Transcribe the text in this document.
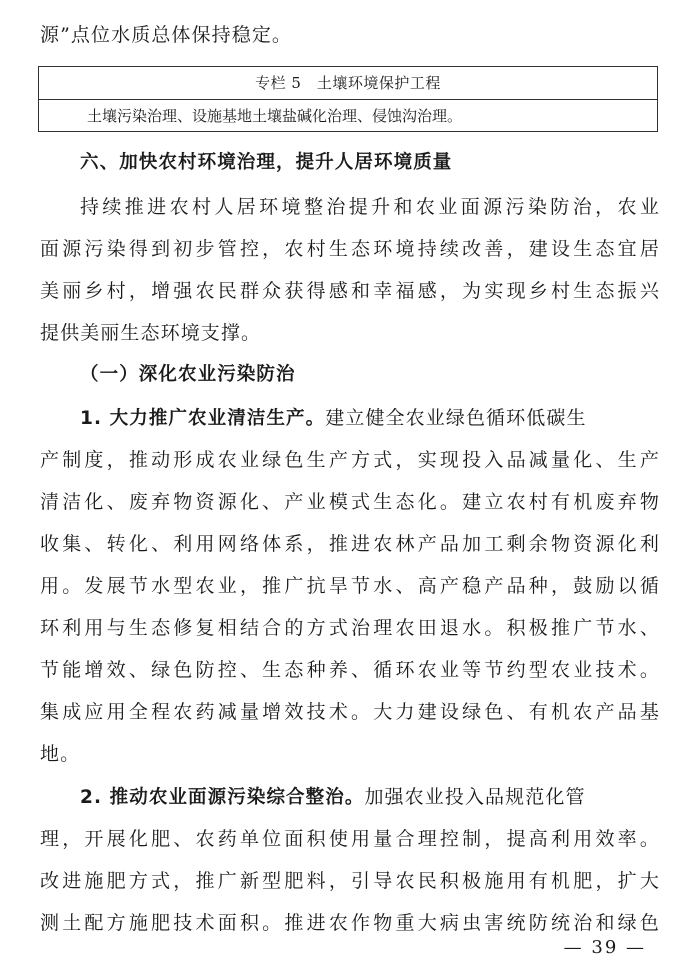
源”点位水质总体保持稳定。
专栏 5　土壤环境保护工程
土壤污染治理、设施基地土壤盐碱化治理、侵蚀沟治理。
六、加快农村环境治理，提升人居环境质量
持续推进农村人居环境整治提升和农业面源污染防治，农业
面源污染得到初步管控，农村生态环境持续改善，建设生态宜居
美丽乡村，增强农民群众获得感和幸福感，为实现乡村生态振兴
提供美丽生态环境支撑。
（一）深化农业污染防治
1. 大力推广农业清洁生产。建立健全农业绿色循环低碳生
产制度，推动形成农业绿色生产方式，实现投入品减量化、生产
清洁化、废弃物资源化、产业模式生态化。建立农村有机废弃物
收集、转化、利用网络体系，推进农林产品加工剩余物资源化利
用。发展节水型农业，推广抗旱节水、高产稳产品种，鼓励以循
环利用与生态修复相结合的方式治理农田退水。积极推广节水、
节能增效、绿色防控、生态种养、循环农业等节约型农业技术。
集成应用全程农药减量增效技术。大力建设绿色、有机农产品基
地。
2. 推动农业面源污染综合整治。加强农业投入品规范化管
理，开展化肥、农药单位面积使用量合理控制，提高利用效率。
改进施肥方式，推广新型肥料，引导农民积极施用有机肥，扩大
测土配方施肥技术面积。推进农作物重大病虫害统防统治和绿色
— 39 —
